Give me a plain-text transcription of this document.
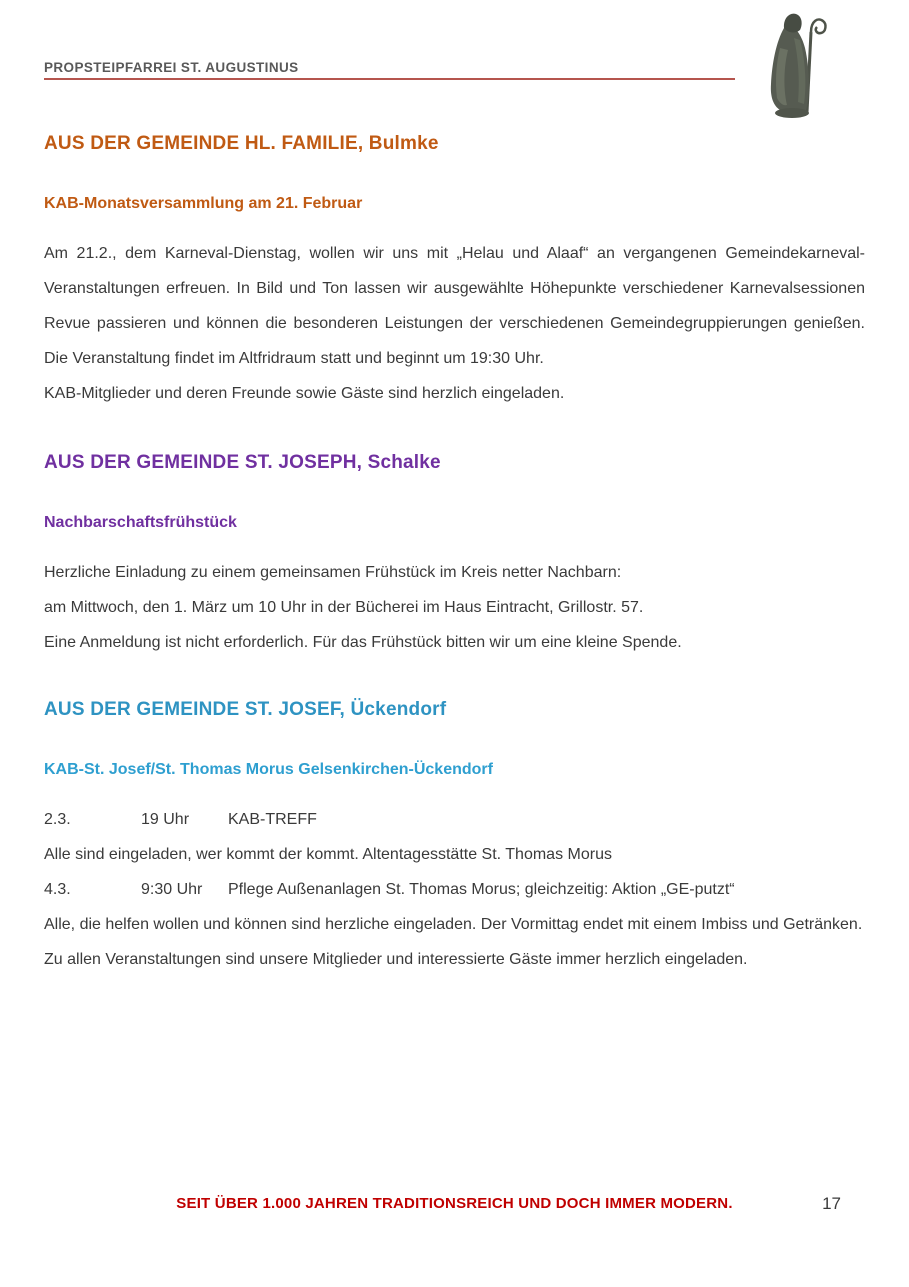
PROPSTEIPFARREI ST. AUGUSTINUS
AUS DER GEMEINDE HL. FAMILIE, Bulmke
KAB-Monatsversammlung am 21. Februar

Am 21.2., dem Karneval-Dienstag, wollen wir uns mit „Helau und Alaaf“ an vergangenen Gemeindekarneval-Veranstaltungen erfreuen. In Bild und Ton lassen wir ausgewählte Höhepunkte verschiedener Karnevalsessionen Revue passieren und können die besonderen Leistungen der verschiedenen Gemeindegruppierungen genießen. Die Veranstaltung findet im Altfridraum statt und beginnt um 19:30 Uhr.

KAB-Mitglieder und deren Freunde sowie Gäste sind herzlich eingeladen.

AUS DER GEMEINDE ST. JOSEPH, Schalke
Nachbarschaftsfrühstück

Herzliche Einladung zu einem gemeinsamen Frühstück im Kreis netter Nachbarn:

am Mittwoch, den 1. März um 10 Uhr in der Bücherei im Haus Eintracht, Grillostr. 57.

Eine Anmeldung ist nicht erforderlich. Für das Frühstück bitten wir um eine kleine Spende.

AUS DER GEMEINDE ST. JOSEF, Ückendorf
KAB-St. Josef/St. Thomas Morus Gelsenkirchen-Ückendorf
2.3.	19 Uhr	KAB-TREFF

Alle sind eingeladen, wer kommt der kommt. Altentagesstätte St. Thomas Morus

4.3.	9:30 Uhr	Pflege Außenanlagen St. Thomas Morus; gleichzeitig: Aktion „GE-putzt“

Alle, die helfen wollen und können sind herzliche eingeladen. Der Vormittag endet mit einem Imbiss und Getränken.

Zu allen Veranstaltungen sind unsere Mitglieder und interessierte Gäste immer herzlich eingeladen.

SEIT ÜBER 1.000 JAHREN TRADITIONSREICH UND DOCH IMMER MODERN.	17
